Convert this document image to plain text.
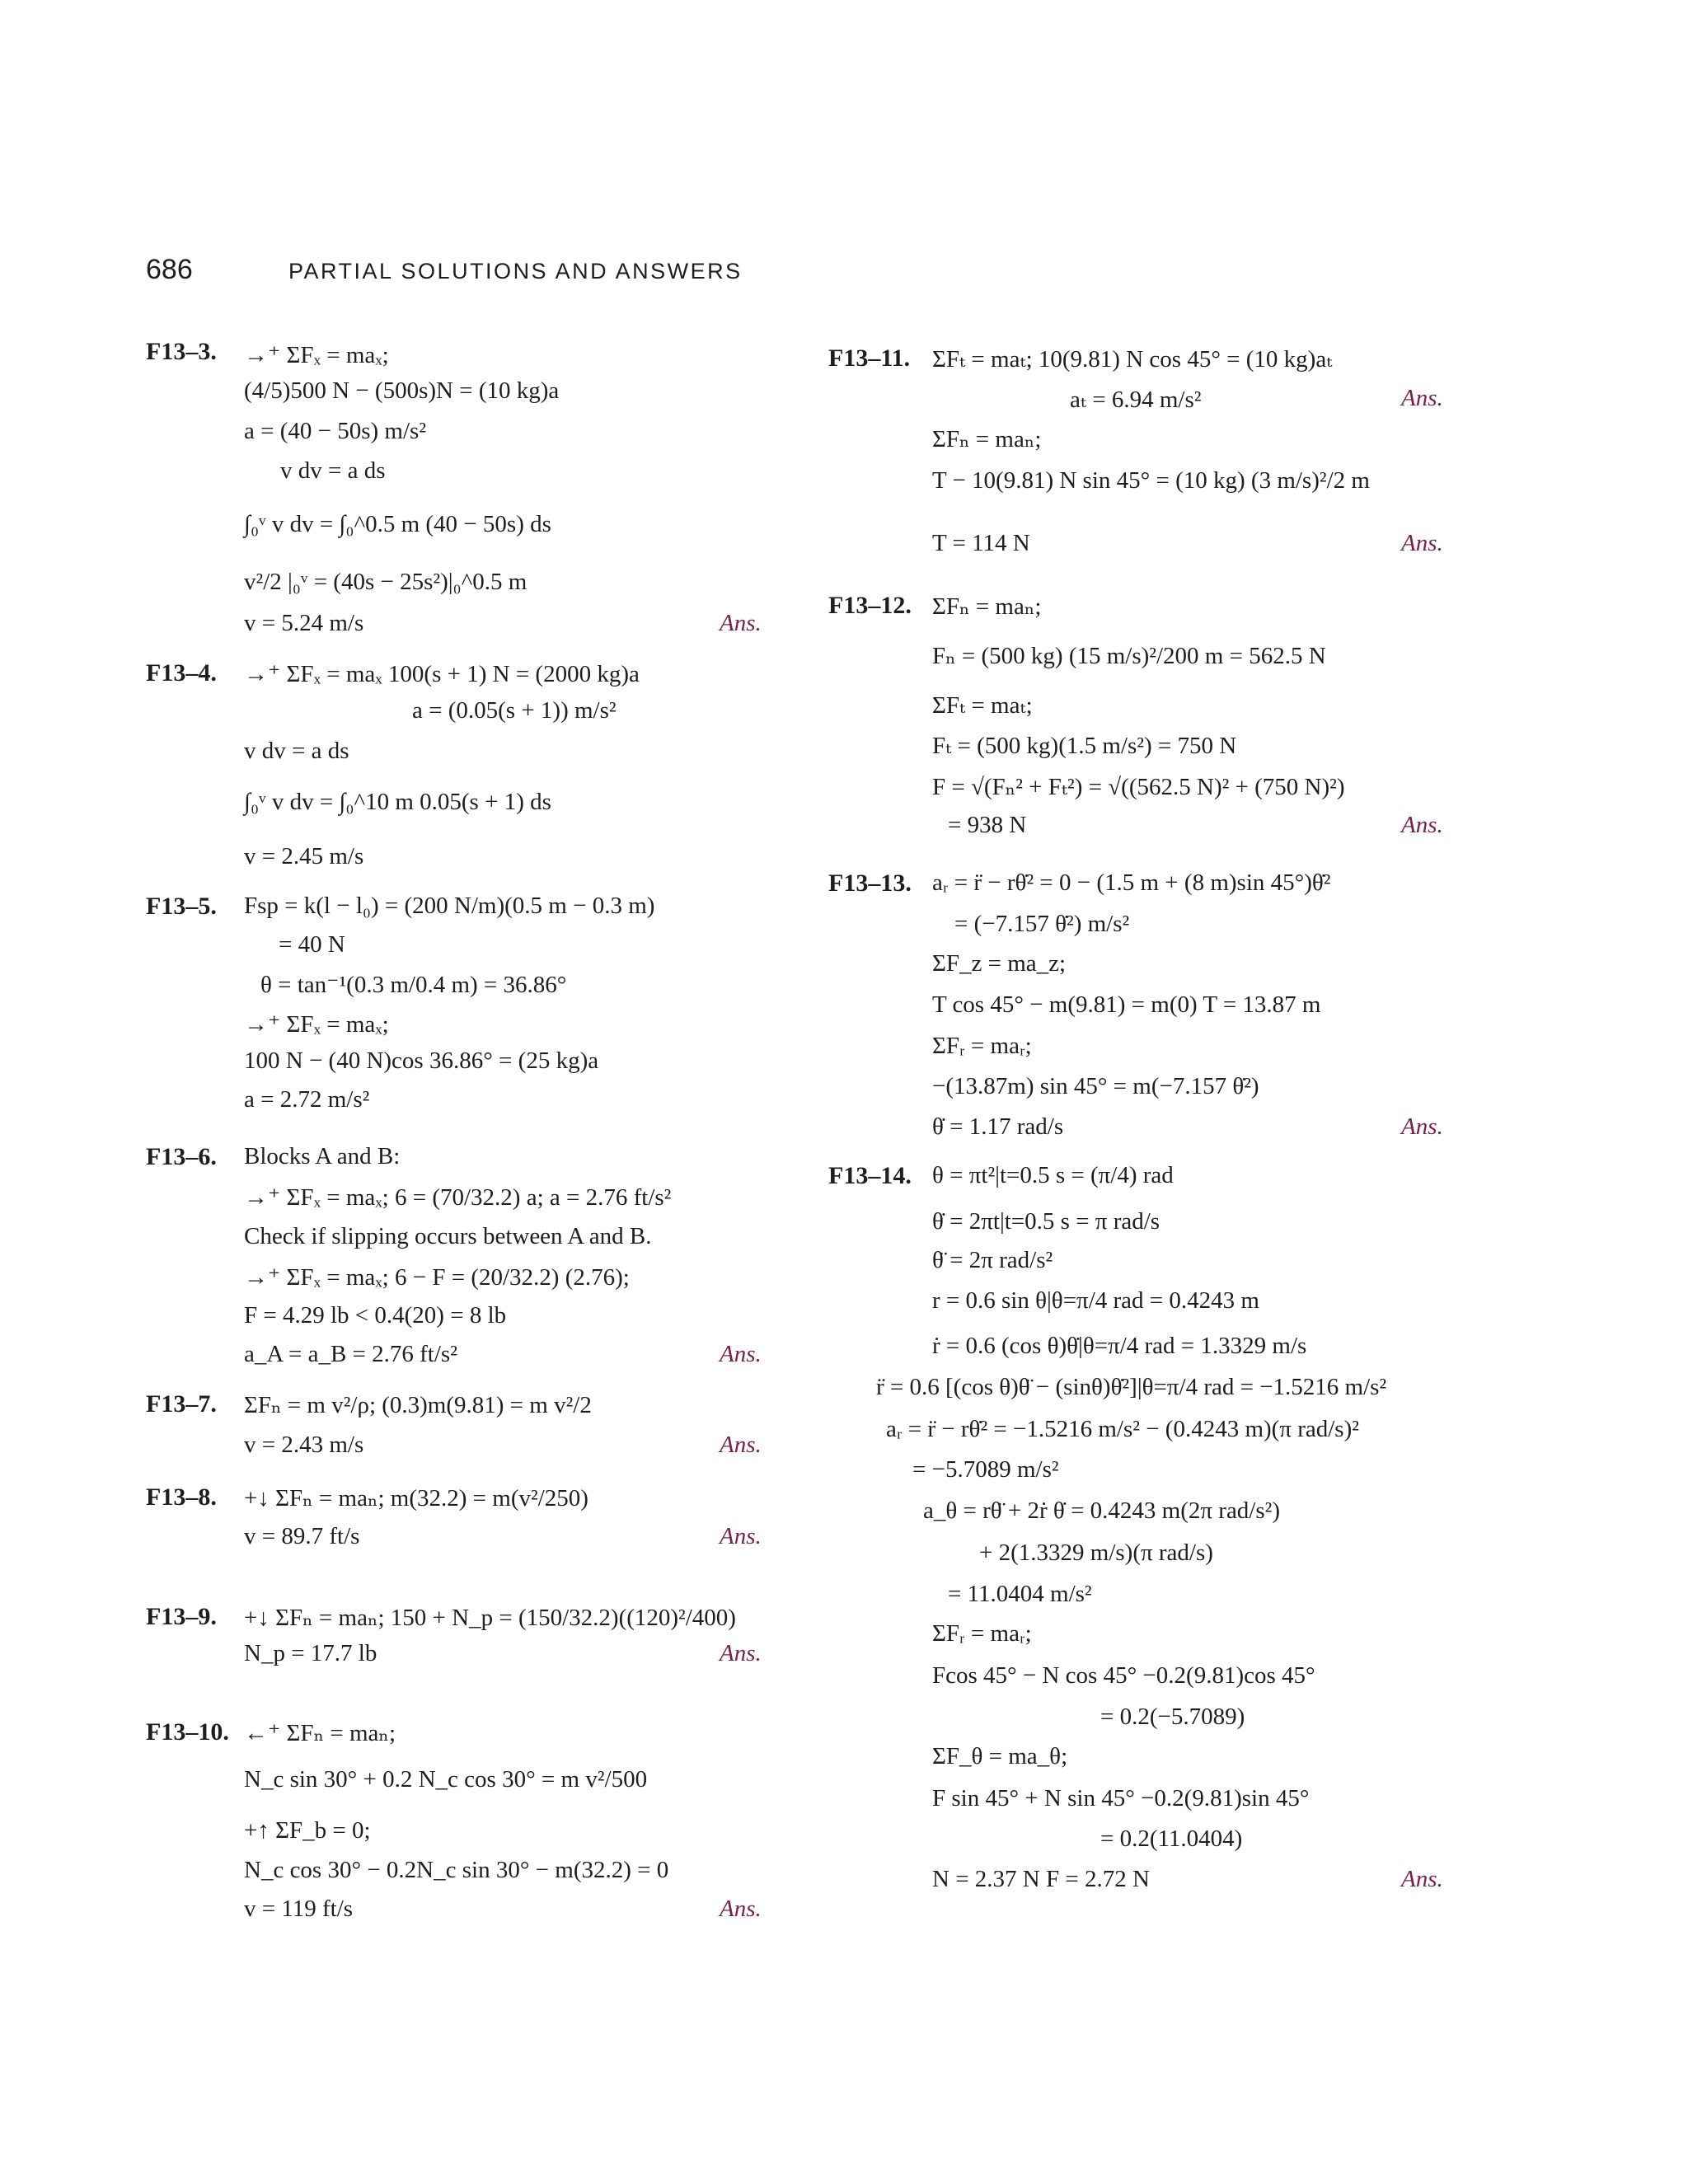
686	PARTIAL SOLUTIONS AND ANSWERS
F13–3. →⁺ ΣFₓ = maₓ;
(4/5)500 N − (500s)N = (10 kg)a
a = (40 − 50s) m/s²
v dv = a ds
∫₀ᵛ v dv = ∫₀^0.5 m (40 − 50s) ds
v²/2 |₀ᵛ = (40s − 25s²)|₀^0.5 m
v = 5.24 m/s	Ans.
F13–4. →⁺ ΣFₓ = maₓ 100(s + 1) N = (2000 kg)a
a = (0.05(s + 1)) m/s²
v dv = a ds
∫₀ᵛ v dv = ∫₀^10 m 0.05(s + 1) ds
v = 2.45 m/s
F13–5. Fsp = k(l − l₀) = (200 N/m)(0.5 m − 0.3 m)
= 40 N
θ = tan⁻¹(0.3 m/0.4 m) = 36.86°
→⁺ ΣFₓ = maₓ;
100 N − (40 N)cos 36.86° = (25 kg)a
a = 2.72 m/s²
F13–6. Blocks A and B:
→⁺ ΣFₓ = maₓ; 6 = (70/32.2) a; a = 2.76 ft/s²
Check if slipping occurs between A and B.
→⁺ ΣFₓ = maₓ; 6 − F = (20/32.2) (2.76);
F = 4.29 lb < 0.4(20) = 8 lb
a_A = a_B = 2.76 ft/s²	Ans.
F13–7. ΣFₙ = m v²/ρ; (0.3)m(9.81) = m v²/2
v = 2.43 m/s	Ans.
F13–8. +↓ ΣFₙ = maₙ; m(32.2) = m(v²/250)
v = 89.7 ft/s	Ans.
F13–9. +↓ ΣFₙ = maₙ; 150 + N_p = (150/32.2)((120)²/400)
N_p = 17.7 lb	Ans.
F13–10. ←⁺ ΣFₙ = maₙ;
N_c sin 30° + 0.2 N_c cos 30° = m v²/500
+↑ ΣF_b = 0;
N_c cos 30° − 0.2N_c sin 30° − m(32.2) = 0
v = 119 ft/s	Ans.
F13–11. ΣFₜ = maₜ; 10(9.81) N cos 45° = (10 kg)aₜ
aₜ = 6.94 m/s²
ΣFₙ = maₙ;
T − 10(9.81) N sin 45° = (10 kg) (3 m/s)²/2 m
T = 114 N
Ans.
Ans.
F13–12. ΣFₙ = maₙ;
Fₙ = (500 kg) (15 m/s)²/200 m = 562.5 N
ΣFₜ = maₜ;
Fₜ = (500 kg)(1.5 m/s²) = 750 N
F = √(Fₙ² + Fₜ²) = √((562.5 N)² + (750 N)²)
= 938 N	Ans.
F13–13. aᵣ = r̈ − rθ̇² = 0 − (1.5 m + (8 m)sin 45°)θ̇²
= (−7.157 θ̇²) m/s²
ΣF_z = ma_z;
T cos 45° − m(9.81) = m(0) T = 13.87 m
ΣFᵣ = maᵣ;
−(13.87m) sin 45° = m(−7.157 θ̇²)
θ̇ = 1.17 rad/s	Ans.
F13–14. θ = πt²|t=0.5 s = (π/4) rad
θ̇ = 2πt|t=0.5 s = π rad/s
θ̈ = 2π rad/s²
r = 0.6 sin θ|θ=π/4 rad = 0.4243 m
ṙ = 0.6 (cos θ)θ̇|θ=π/4 rad = 1.3329 m/s
r̈ = 0.6 [(cos θ)θ̈ − (sinθ)θ̇²]|θ=π/4 rad = −1.5216 m/s²
aᵣ = r̈ − rθ̇² = −1.5216 m/s² − (0.4243 m)(π rad/s)²
= −5.7089 m/s²
a_θ = rθ̈ + 2ṙ θ̇ = 0.4243 m(2π rad/s²)
+ 2(1.3329 m/s)(π rad/s)
= 11.0404 m/s²
ΣFᵣ = maᵣ;
Fcos 45° − N cos 45° −0.2(9.81)cos 45°
= 0.2(−5.7089)
ΣF_θ = ma_θ;
F sin 45° + N sin 45° −0.2(9.81)sin 45°
= 0.2(11.0404)
N = 2.37 N F = 2.72 N	Ans.
